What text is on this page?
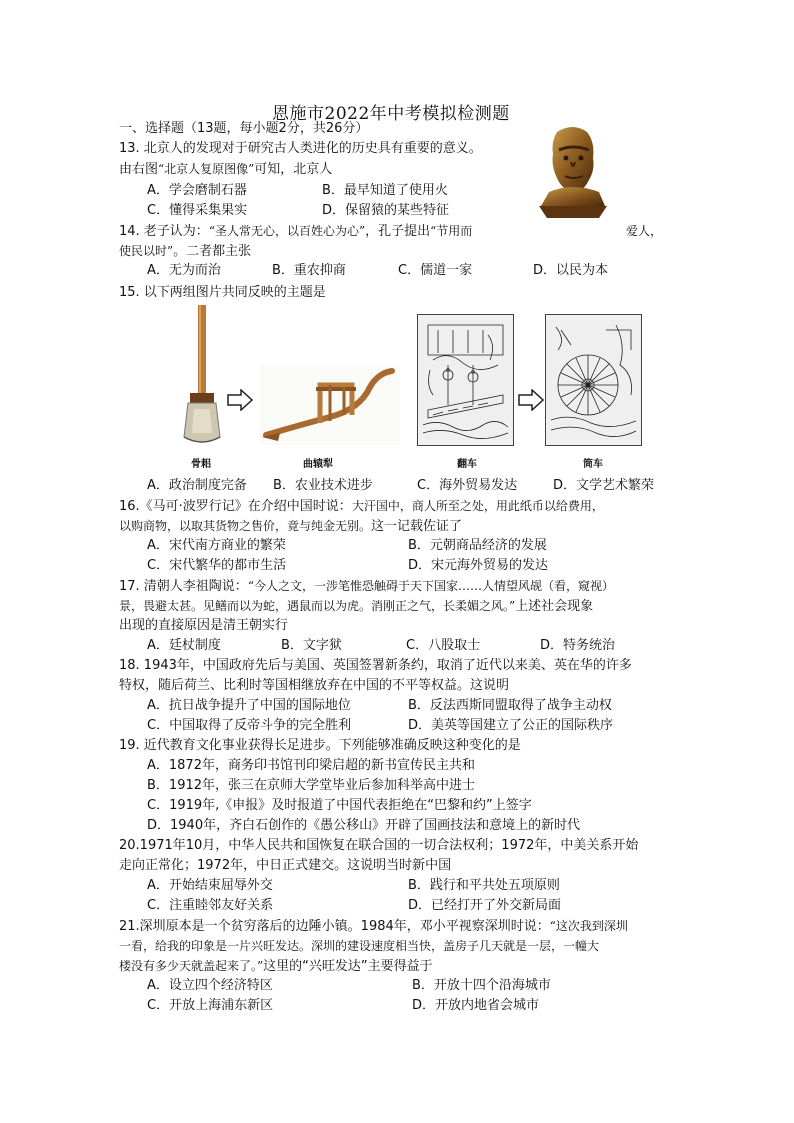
恩施市2022年中考模拟检测题
一、选择题（13题，每小题2分，共26分）
13. 北京人的发现对于研究古人类进化的历史具有重要的意义。
由右图“北京人复原图像”可知，北京人
A．学会磨制石器	B．最早知道了使用火
C．懂得采集果实	D．保留猿的某些特征
14. 老子认为：“圣人常无心，以百姓心为心”，孔子提出“节用而	爱人，
使民以时”。二者都主张
A．无为而治	B．重农抑商	C．儒道一家	D．以民为本
15. 以下两组图片共同反映的主题是
骨耜	曲辕犁	翻车	筒车
A．政治制度完备 B．农业技术进步	C．海外贸易发达	D．文学艺术繁荣
16.《马可·波罗行记》在介绍中国时说：大汗国中，商人所至之处，用此纸币以给费用，
以购商物，以取其货物之售价，竟与纯金无别。这一记载佐证了
A．宋代南方商业的繁荣	B．元朝商品经济的发展
C．宋代繁华的都市生活	D．宋元海外贸易的发达
17. 清朝人李祖陶说：“今人之文，一涉笔惟恐触碍于天下国家……人情望风觇（看，窥视）
景，畏避太甚。见鳝而以为蛇，遇鼠而以为虎。消刚正之气，长柔媚之风。”上述社会现象
出现的直接原因是清王朝实行
A．廷杖制度	B．文字狱	C．八股取士	D．特务统治
18. 1943年，中国政府先后与美国、英国签署新条约，取消了近代以来美、英在华的许多
特权，随后荷兰、比利时等国相继放弃在中国的不平等权益。这说明
A．抗日战争提升了中国的国际地位	B．反法西斯同盟取得了战争主动权
C．中国取得了反帝斗争的完全胜利	D．美英等国建立了公正的国际秩序
19. 近代教育文化事业获得长足进步。下列能够准确反映这种变化的是
A．1872年，商务印书馆刊印梁启超的新书宣传民主共和
B．1912年，张三在京师大学堂毕业后参加科举高中进士
C．1919年,《申报》及时报道了中国代表拒绝在“巴黎和约”上签字
D．1940年，齐白石创作的《愚公移山》开辟了国画技法和意境上的新时代
20.1971年10月，中华人民共和国恢复在联合国的一切合法权利；1972年，中美关系开始
走向正常化；1972年，中日正式建交。这说明当时新中国
A．开始结束屈辱外交	B．践行和平共处五项原则
C．注重睦邻友好关系	D．已经打开了外交新局面
21.深圳原本是一个贫穷落后的边陲小镇。1984年，邓小平视察深圳时说：“这次我到深圳
一看，给我的印象是一片兴旺发达。深圳的建设速度相当快，盖房子几天就是一层，一幢大
楼没有多少天就盖起来了。”这里的“兴旺发达”主要得益于
A．设立四个经济特区	B．开放十四个沿海城市
C．开放上海浦东新区	D．开放内地省会城市
